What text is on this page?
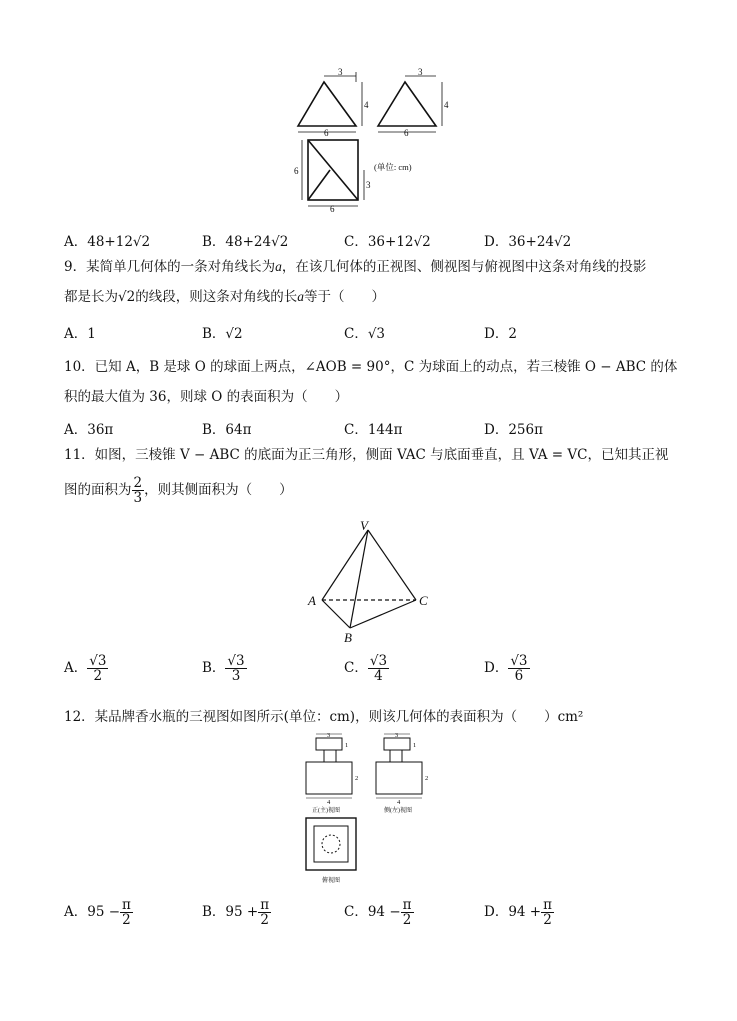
3
4
6
3
4
6
6
3
6
(单位: cm)
A．48+12√2	B．48+24√2	C．36+12√2	D．36+24√2
9．某简单几何体的一条对角线长为a，在该几何体的正视图、侧视图与俯视图中这条对角线的投影
都是长为√2的线段，则这条对角线的长a等于（　　）
A．1	B．√2	C．√3	D．2
10．已知 A，B 是球 O 的球面上两点，∠AOB = 90°，C 为球面上的动点，若三棱锥 O − ABC 的体
积的最大值为 36，则球 O 的表面积为（　　）
A．36π	B．64π	C．144π	D．256π
11．如图，三棱锥 V − ABC 的底面为正三角形，侧面 VAC 与底面垂直，且 VA = VC，已知其正视
图的面积为 $\frac{2}{3}$ ，则其侧面积为（　　）
V
A
B
C
A． $\frac{√3}{2}$	B． $\frac{√3}{3}$	C． $\frac{√3}{4}$	D． $\frac{√3}{6}$
12．某品牌香水瓶的三视图如图所示(单位：cm)，则该几何体的表面积为（　　）cm²
3
1
2
4
3
1
2
4
正(主)视图	侧(左)视图
俯视图
A．$95 - \frac{\pi}{2}$	B．$95 + \frac{\pi}{2}$	C．$94 - \frac{\pi}{2}$	D．$94 + \frac{\pi}{2}$
